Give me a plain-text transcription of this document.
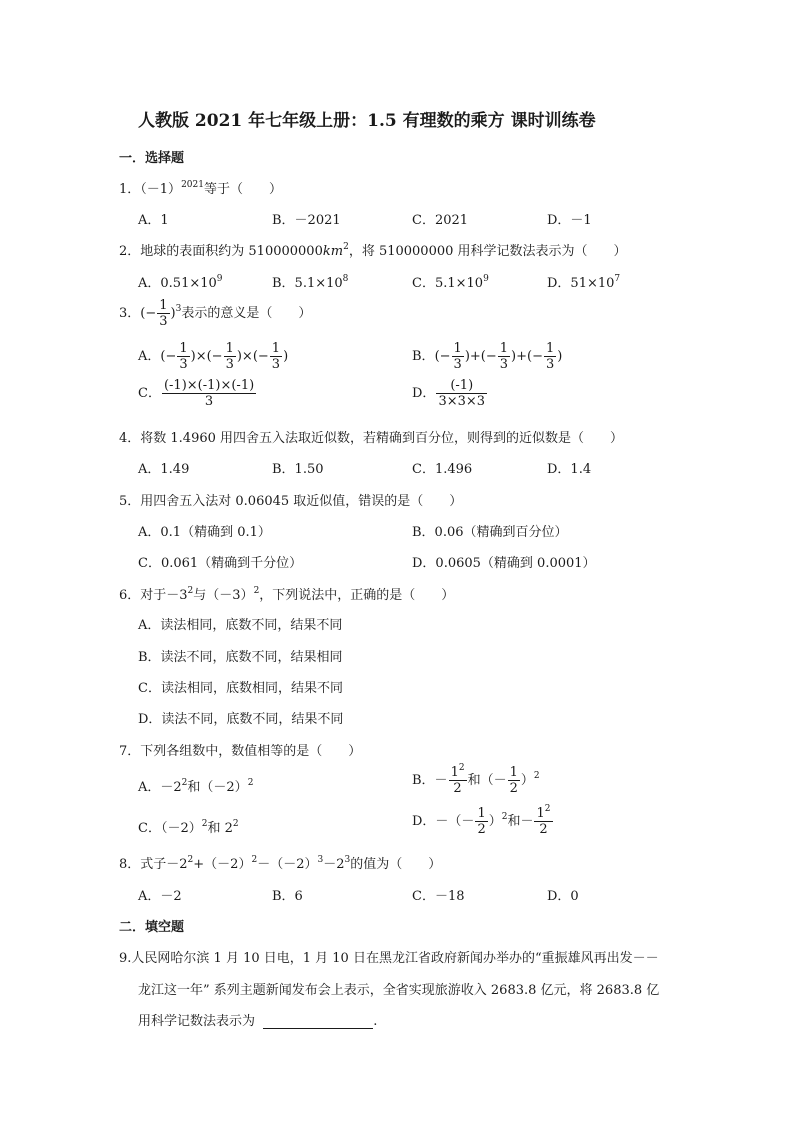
人教版 2021 年七年级上册：1.5 有理数的乘方 课时训练卷
一．选择题
1．$(-1)^{2021}$等于（　　）
A．1	B．－2021	C．2021	D．－1
2．地球的表面积约为 $510000000km^2$，将 510000000 用科学记数法表示为（　　）
A．$0.51\times 10^9$	B．$5.1\times 10^8$	C．$5.1\times 10^9$	D．$51\times 10^7$
3．(− $\frac{1}{3} )^3$表示的意义是（　　）
A．(− $\frac{1}{3}$ )×(− $\frac{1}{3}$ )×(− $\frac{1}{3}$ )	B．(− $\frac{1}{3}$ )+(− $\frac{1}{3}$ )+(− $\frac{1}{3}$ )
C． $\frac{(-1)\times(-1)\times(-1)}{3}$	D． $\frac{(-1)}{3\times 3\times 3}$
4．将数 1.4960 用四舍五入法取近似数，若精确到百分位，则得到的近似数是（　　）
A．1.49	B．1.50	C．1.496	D．1.4
5．用四舍五入法对 0.06045 取近似值，错误的是（　　）
A．0.1（精确到 0.1）	B．0.06（精确到百分位）
C．0.061（精确到千分位）	D．0.0605（精确到 0.0001）
6．对于$-3^2$与$(-3)^2$，下列说法中，正确的是（　　）
A．读法相同，底数不同，结果不同
B．读法不同，底数不同，结果相同
C．读法相同，底数相同，结果不同
D．读法不同，底数不同，结果不同
7．下列各组数中，数值相等的是（　　）
A．$-2^2$和$(-2)^2$	B．－ $\frac{1^2}{2}$ 和（－ $\frac{1}{2} )^2$
C．$(-2)^2$和 $2^2$	D．－（－ $\frac{1}{2} )^2$和－ $\frac{1^2}{2}$
8．式子$-2^2+(-2)^2-(-2)^3-2^3$的值为（　　）
A．－2	B．6	C．－18	D．0
二．填空题
9.人民网哈尔滨 1 月 10 日电，1 月 10 日在黑龙江省政府新闻办举办的“重振雄风再出发－－
龙江这一年” 系列主题新闻发布会上表示，全省实现旅游收入 2683.8 亿元，将 2683.8 亿
用科学记数法表示为	.
